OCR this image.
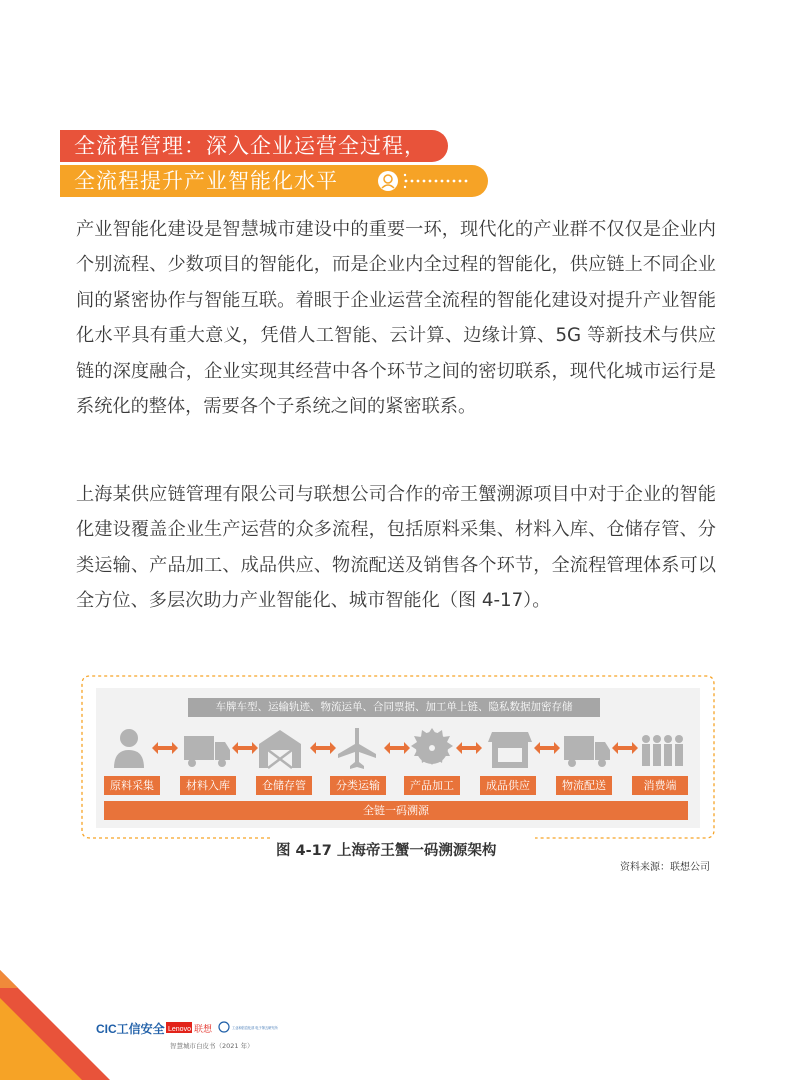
全流程管理：深入企业运营全过程，
全流程提升产业智能化水平

产业智能化建设是智慧城市建设中的重要一环，现代化的产业群不仅仅是企业内个别流程、少数项目的智能化，而是企业内全过程的智能化，供应链上不同企业间的紧密协作与智能互联。着眼于企业运营全流程的智能化建设对提升产业智能化水平具有重大意义，凭借人工智能、云计算、边缘计算、5G 等新技术与供应链的深度融合，企业实现其经营中各个环节之间的密切联系，现代化城市运行是系统化的整体，需要各个子系统之间的紧密联系。

上海某供应链管理有限公司与联想公司合作的帝王蟹溯源项目中对于企业的智能化建设覆盖企业生产运营的众多流程，包括原料采集、材料入库、仓储存管、分类运输、产品加工、成品供应、物流配送及销售各个环节，全流程管理体系可以全方位、多层次助力产业智能化、城市智能化（图 4-17）。

车牌车型、运输轨迹、物流运单、合同票据、加工单上链、隐私数据加密存储
原料采集	材料入库	仓储存管	分类运输	产品加工	成品供应	物流配送	消费端
全链一码溯源
图 4-17 上海帝王蟹一码溯源架构
资料来源：联想公司
51
CIC工信安全 Lenovo 联想	工业和信息化部 电子第五研究所
智慧城市白皮书（2021 年）
